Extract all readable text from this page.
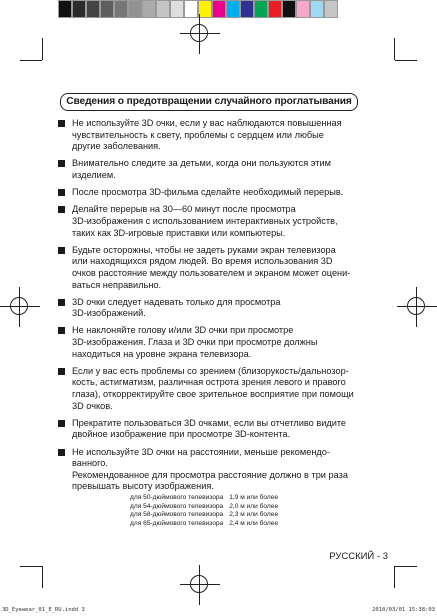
Сведения о предотвращении случайного проглатывания
Не используйте 3D очки, если у вас наблюдаются повышенная
чувствительность к свету, проблемы с сердцем или любые
другие заболевания.
Внимательно следите за детьми, когда они пользуются этим
изделием.
После просмотра 3D-фильма сделайте необходимый перерыв.
Делайте перерыв на 30—60 минут после просмотра
3D-изображения с использованием интерактивных устройств,
таких как 3D-игровые приставки или компьютеры.
Будьте осторожны, чтобы не задеть руками экран телевизора
или находящихся рядом людей. Во время использования 3D
очков расстояние между пользователем и экраном может оцени-
ваться неправильно.
3D очки следует надевать только для просмотра
3D-изображений.
Не наклоняйте голову и/или 3D очки при просмотре
3D-изображения. Глаза и 3D очки при просмотре должны
находиться на уровне экрана телевизора.
Если у вас есть проблемы со зрением (близорукость/дальнозор-
кость, астигматизм, различная острота зрения левого и правого
глаза), откорректируйте свое зрительное восприятие при помощи
3D очков.
Прекратите пользоваться 3D очками, если вы отчетливо видите
двойное изображение при просмотре 3D-контента.
Не используйте 3D очки на расстоянии, меньше рекомендо-
ванного.
Рекомендованное для просмотра расстояние должно в три раза
превышать высоту изображения.
для 50-дюймового телевизора	1,9 м или более
для 54-дюймового телевизора	2,0 м или более
для 58-дюймового телевизора	2,3 м или более
для 65-дюймового телевизора	2,4 м или более
РУССКИЙ - 3
3D_Eyewear_01_E_RU.indd 3	2010/03/01 15:38:03
